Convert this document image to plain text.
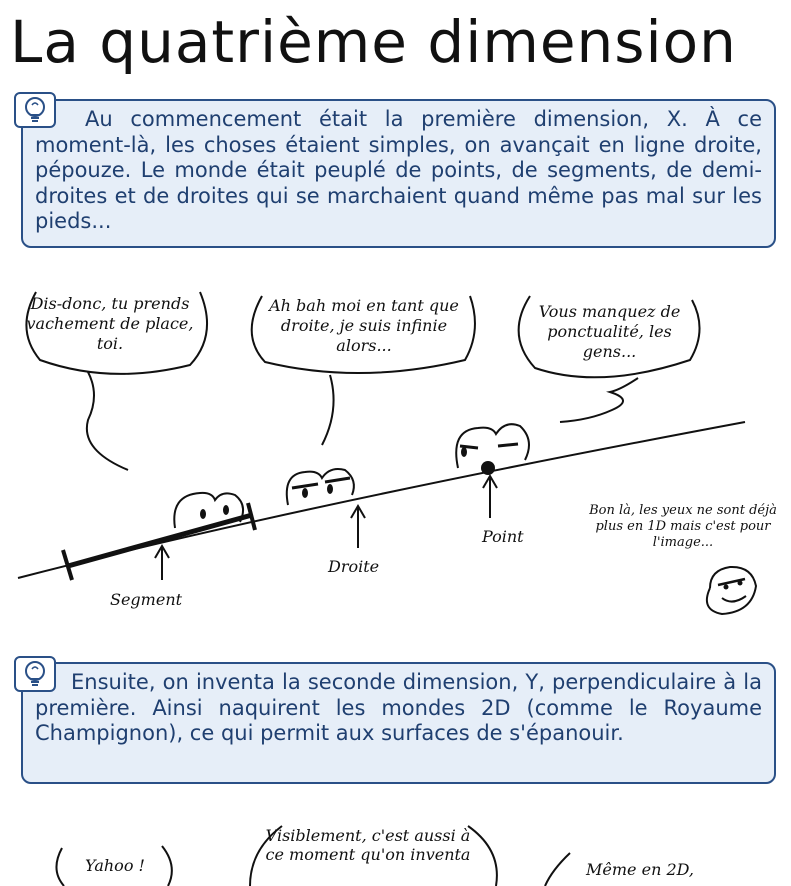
La quatrième dimension
Au commencement était la première dimension, X. À ce moment-là, les choses étaient simples, on avançait en ligne droite, pépouze. Le monde était peuplé de points, de segments, de demi-droites et de droites qui se marchaient quand même pas mal sur les pieds...
Dis-donc, tu prends vachement de place, toi.
Ah bah moi en tant que droite, je suis infinie alors...
Vous manquez de ponctualité, les gens...
Segment
Droite
Point
Bon là, les yeux ne sont déjà plus en 1D mais c'est pour l'image...
Ensuite, on inventa la seconde dimension, Y, perpendiculaire à la première. Ainsi naquirent les mondes 2D (comme le Royaume Champignon), ce qui permit aux surfaces de s'épanouir.
Yahoo !
Visiblement, c'est aussi à ce moment qu'on inventa
Même en 2D,
